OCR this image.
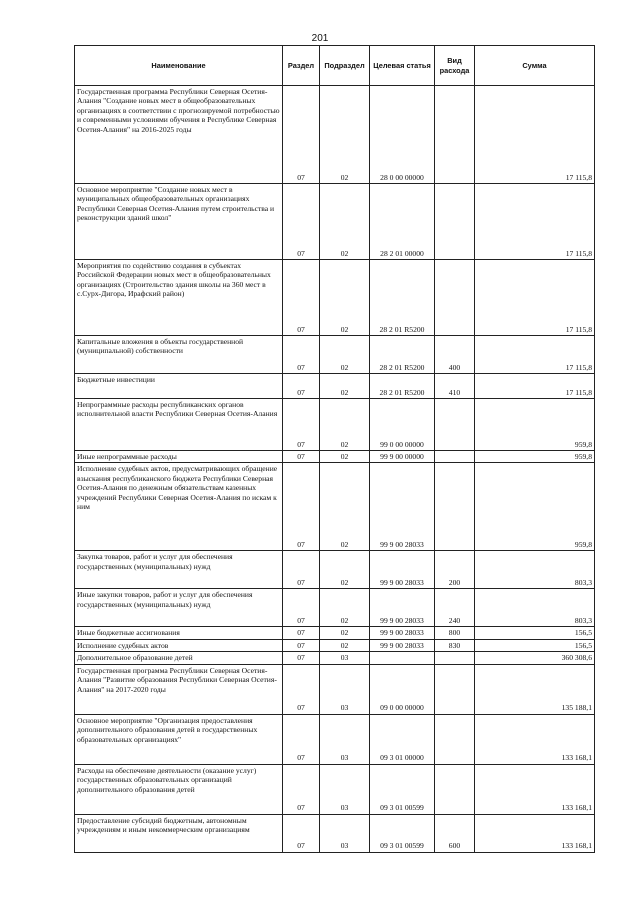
201
Наименование	Раздел	Подраздел	Целевая статья	Вид расхода	Сумма
Государственная программа Республики Северная Осетия-Алания "Создание новых мест в общеобразовательных организациях в соответствии с прогнозируемой потребностью и современными условиями обучения в Республике Северная Осетия-Алания" на 2016-2025 годы	07	02	28 0 00 00000		17 115,8
Основное мероприятие "Создание новых мест в муниципальных общеобразовательных организациях Республики Северная Осетия-Алания путем строительства и реконструкции зданий школ"	07	02	28 2 01 00000		17 115,8
Мероприятия по содействию создания в субъектах Российской Федерации новых мест в общеобразовательных организациях (Строительство здания школы на 360 мест в с.Сурх-Дигора, Ирафский район)	07	02	28 2 01 R5200		17 115,8
Капитальные вложения в объекты государственной (муниципальной) собственности	07	02	28 2 01 R5200	400	17 115,8
Бюджетные инвестиции	07	02	28 2 01 R5200	410	17 115,8
Непрограммные расходы республиканских органов исполнительной власти Республики Северная Осетия-Алания	07	02	99 0 00 00000		959,8
Иные непрограммные расходы	07	02	99 9 00 00000		959,8
Исполнение судебных актов, предусматривающих обращение взыскания республиканского бюджета Республики Северная Осетия-Алания по денежным обязательствам казенных учреждений Республики Северная Осетия-Алания по искам к ним	07	02	99 9 00 28033		959,8
Закупка товаров, работ и услуг для обеспечения государственных (муниципальных) нужд	07	02	99 9 00 28033	200	803,3
Иные закупки товаров, работ и услуг для обеспечения государственных (муниципальных) нужд	07	02	99 9 00 28033	240	803,3
Иные бюджетные ассигнования	07	02	99 9 00 28033	800	156,5
Исполнение судебных актов	07	02	99 9 00 28033	830	156,5
Дополнительное образование детей	07	03			360 308,6
Государственная программа Республики Северная Осетия-Алания "Развитие образования Республики Северная Осетия-Алания" на 2017-2020 годы	07	03	09 0 00 00000		135 188,1
Основное мероприятие "Организация предоставления дополнительного образования детей в государственных образовательных организациях"	07	03	09 3 01 00000		133 168,1
Расходы на обеспечение деятельности (оказание услуг) государственных образовательных организаций дополнительного образования детей	07	03	09 3 01 00599		133 168,1
Предоставление субсидий бюджетным, автономным учреждениям и иным некоммерческим организациям	07	03	09 3 01 00599	600	133 168,1
